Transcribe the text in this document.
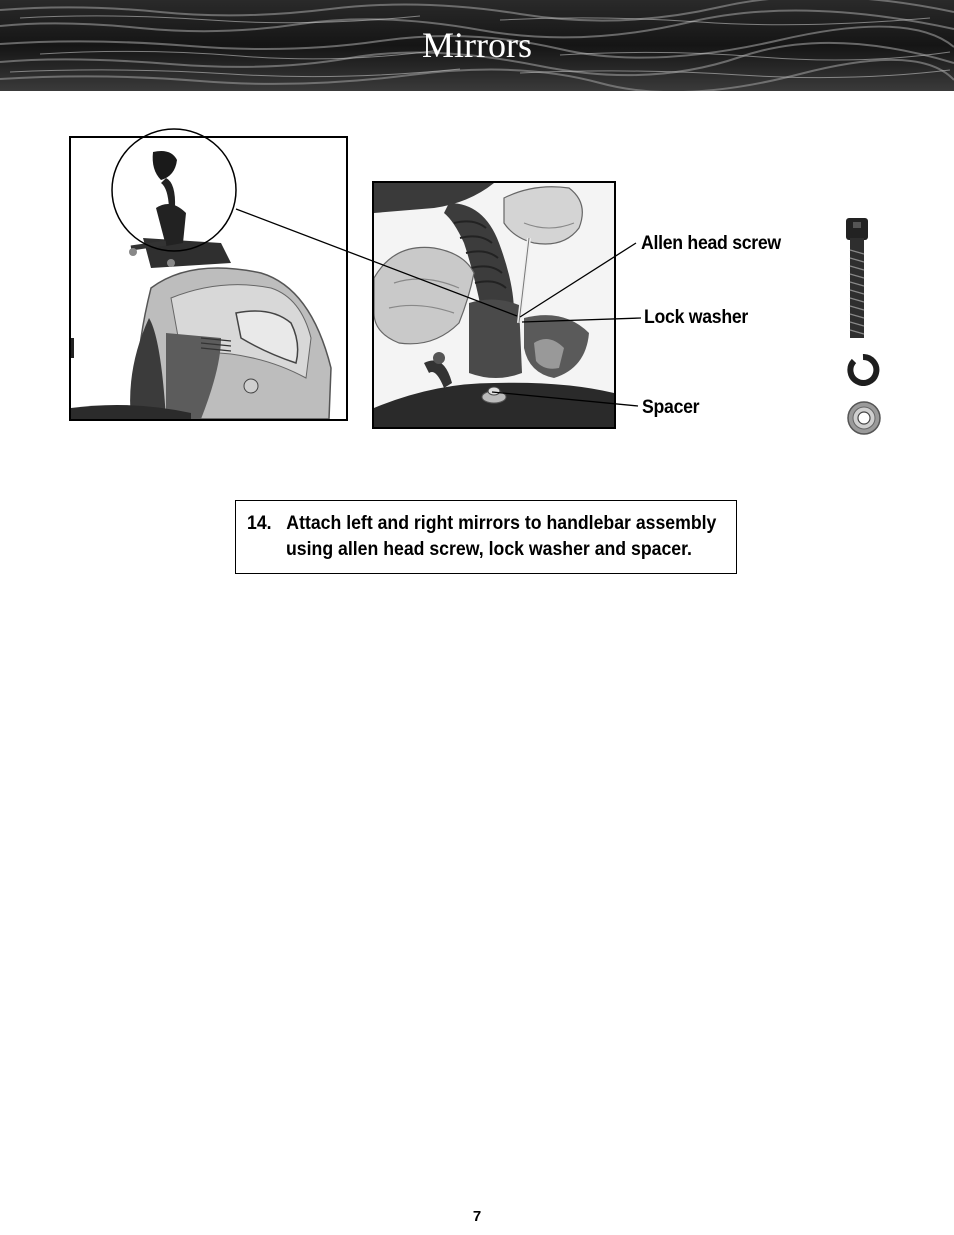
Mirrors
Allen head screw
Lock washer
Spacer
14. Attach left and right mirrors to handlebar assembly
using allen head screw, lock washer and spacer.
7
